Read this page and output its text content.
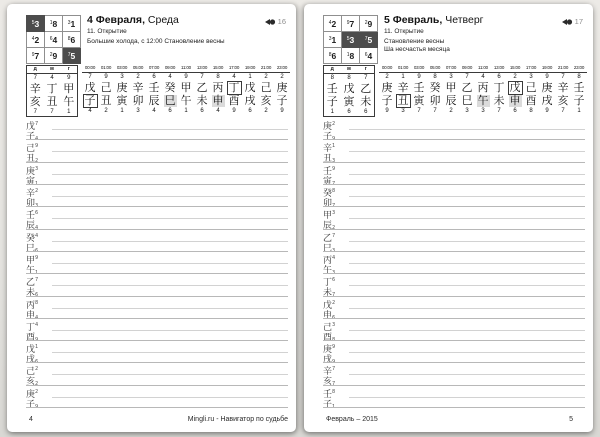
53	18	31
42	64	86
97	29	75
4 Февраля, Среда
11. Открытие
Большие холода, с 12:00 Становление весны
16
д	м	г
7	4	9
辛	丁	甲
亥	丑	午
7	7	1
00:00	01:00	03:00	05:00	07:00	09:00	11:00	13:00	15:00	17:00	19:00	21:00	23:00
7	9	3	2	6	4	9	7	8	4	1	2	2
戊	己	庚	辛	壬	癸	甲	乙	丙	丁	戊	己	庚
子	丑	寅	卯	辰	巳	午	未	申	酉	戌	亥	子
4	2	1	3	4	6	1	6	4	9	6	2	9
戊$^7$
子4
己$^9$
丑2
庚$^3$
寅1
辛$^2$
卯3
壬$^6$
辰4
癸$^4$
巳6
甲$^9$
午1
乙$^7$
未6
丙$^8$
申4
丁$^4$
酉9
戊$^1$
戌6
己$^2$
亥2
庚$^2$
子9
4	Mingli.ru - Навигатор по судьбе
42	97	29
31	53	75
86	18	64
5 Февраль, Четверг
11. Открытие
Становление весны
Ша несчастья месяца
17
д	м	г
8	8	7
壬	戊	乙
子	寅	未
1	6	6
00:00	01:00	03:00	05:00	07:00	09:00	11:00	13:00	15:00	17:00	19:00	21:00	23:00
2	1	9	8	3	7	4	6	2	3	9	7	8
庚	辛	壬	癸	甲	乙	丙	丁	戊	己	庚	辛	壬
子	丑	寅	卯	辰	巳	午	未	申	酉	戌	亥	子
9	3	7	7	2	3	3	7	6	8	9	7	1
庚$^2$
子9
辛$^1$
丑3
壬$^9$
寅7
癸$^8$
卯7
甲$^3$
辰2
乙$^7$
巳3
丙$^4$
午3
丁$^6$
未7
戊$^2$
申6
己$^3$
酉8
庚$^9$
戌9
辛$^7$
亥7
壬$^8$
子1
Февраль – 2015	5
